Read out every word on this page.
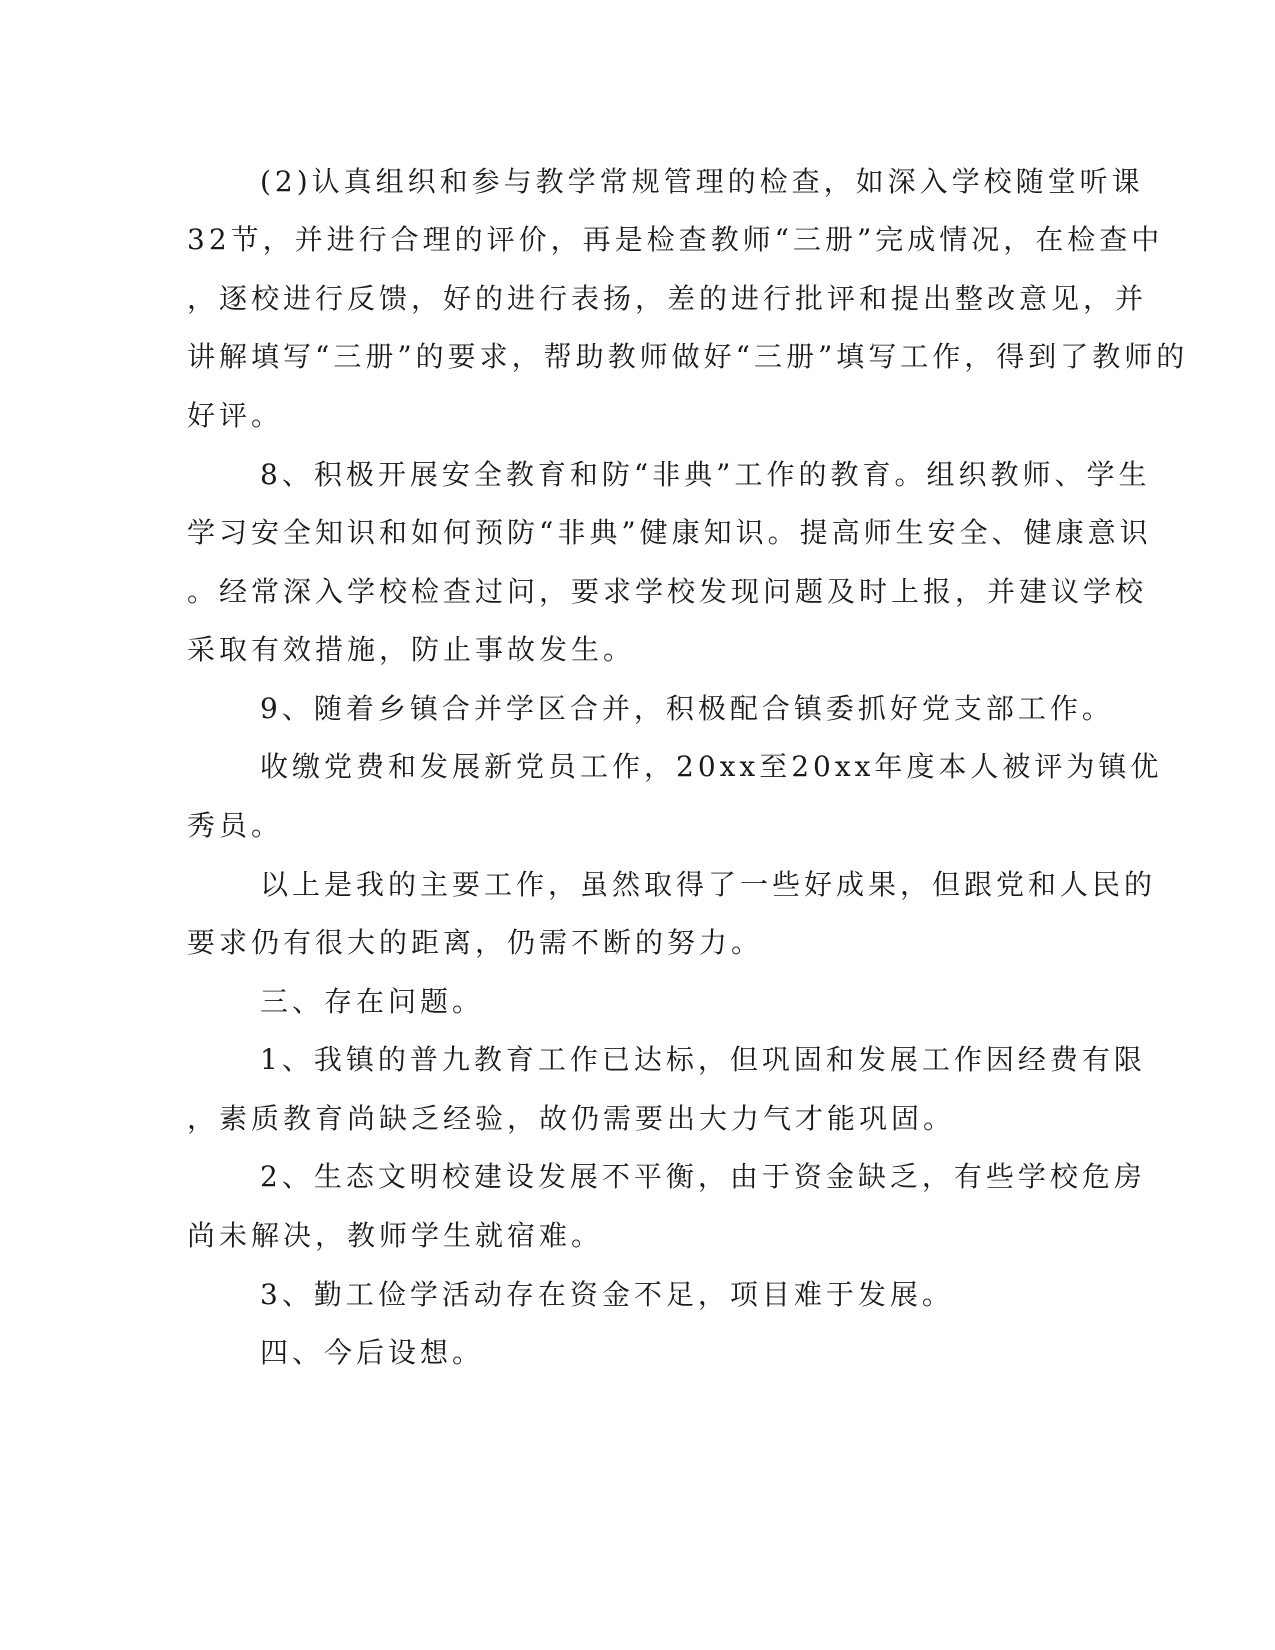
(2)认真组织和参与教学常规管理的检查，如深入学校随堂听课
32节，并进行合理的评价，再是检查教师“三册”完成情况，在检查中
，逐校进行反馈，好的进行表扬，差的进行批评和提出整改意见，并
讲解填写“三册”的要求，帮助教师做好“三册”填写工作，得到了教师的
好评。
8、积极开展安全教育和防“非典”工作的教育。组织教师、学生
学习安全知识和如何预防“非典”健康知识。提高师生安全、健康意识
。经常深入学校检查过问，要求学校发现问题及时上报，并建议学校
采取有效措施，防止事故发生。
9、随着乡镇合并学区合并，积极配合镇委抓好党支部工作。
收缴党费和发展新党员工作，20xx至20xx年度本人被评为镇优
秀员。
以上是我的主要工作，虽然取得了一些好成果，但跟党和人民的
要求仍有很大的距离，仍需不断的努力。
三、存在问题。
1、我镇的普九教育工作已达标，但巩固和发展工作因经费有限
，素质教育尚缺乏经验，故仍需要出大力气才能巩固。
2、生态文明校建设发展不平衡，由于资金缺乏，有些学校危房
尚未解决，教师学生就宿难。
3、勤工俭学活动存在资金不足，项目难于发展。
四、今后设想。
